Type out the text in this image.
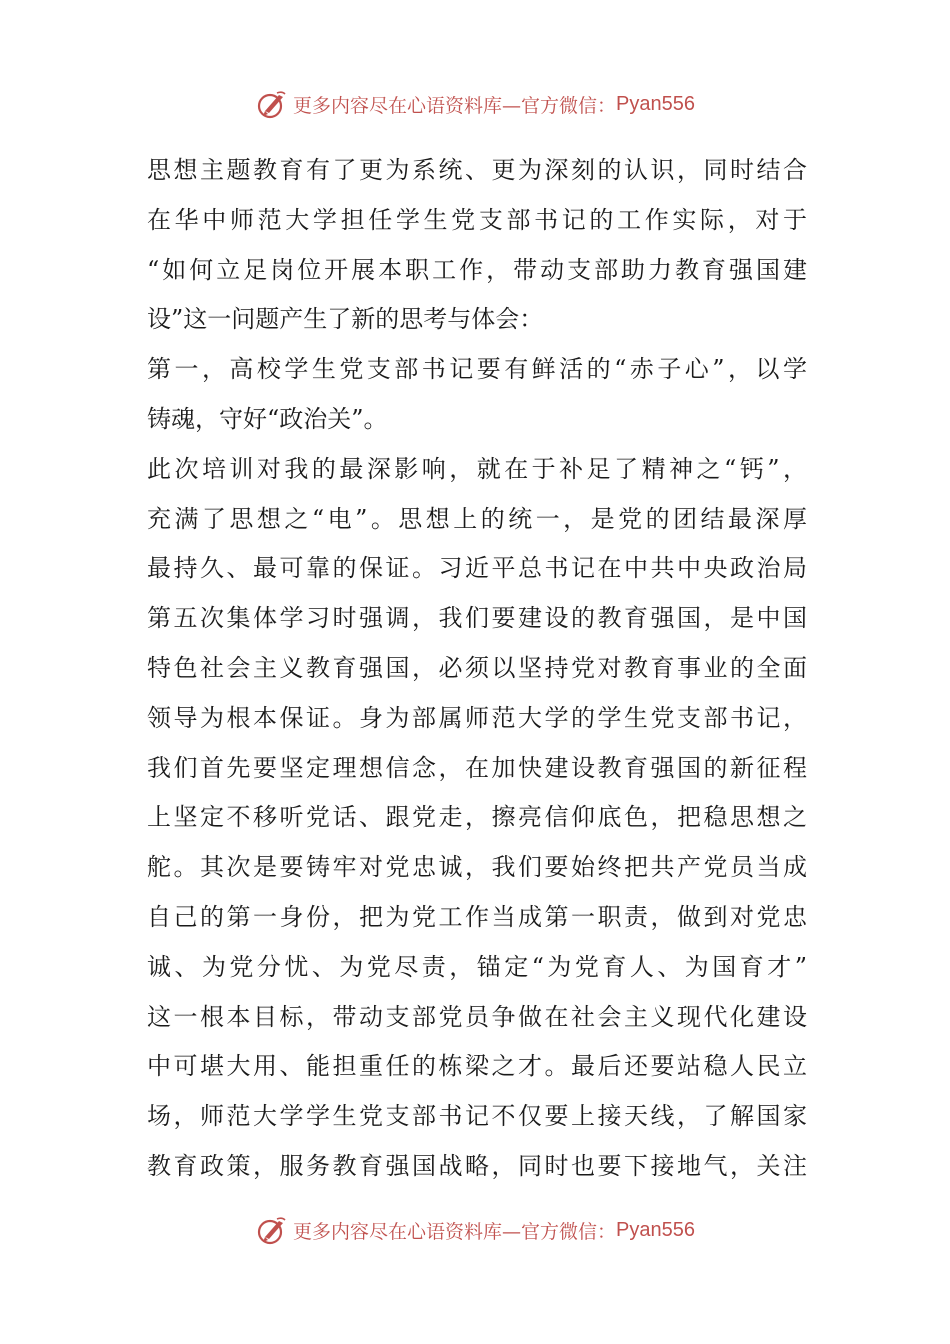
更多内容尽在心语资料库—官方微信： Pyan556
思想主题教育有了更为系统、更为深刻的认识，同时结合
在华中师范大学担任学生党支部书记的工作实际，对于
“如何立足岗位开展本职工作，带动支部助力教育强国建
设”这一问题产生了新的思考与体会：
第一，高校学生党支部书记要有鲜活的“赤子心”，以学
铸魂，守好“政治关”。
此次培训对我的最深影响，就在于补足了精神之“钙”，
充满了思想之“电”。思想上的统一，是党的团结最深厚
最持久、最可靠的保证。习近平总书记在中共中央政治局
第五次集体学习时强调，我们要建设的教育强国，是中国
特色社会主义教育强国，必须以坚持党对教育事业的全面
领导为根本保证。身为部属师范大学的学生党支部书记，
我们首先要坚定理想信念，在加快建设教育强国的新征程
上坚定不移听党话、跟党走，擦亮信仰底色，把稳思想之
舵。其次是要铸牢对党忠诚，我们要始终把共产党员当成
自己的第一身份，把为党工作当成第一职责，做到对党忠
诚、为党分忧、为党尽责，锚定“为党育人、为国育才”
这一根本目标，带动支部党员争做在社会主义现代化建设
中可堪大用、能担重任的栋梁之才。最后还要站稳人民立
场，师范大学学生党支部书记不仅要上接天线，了解国家
教育政策，服务教育强国战略，同时也要下接地气，关注
更多内容尽在心语资料库—官方微信： Pyan556
